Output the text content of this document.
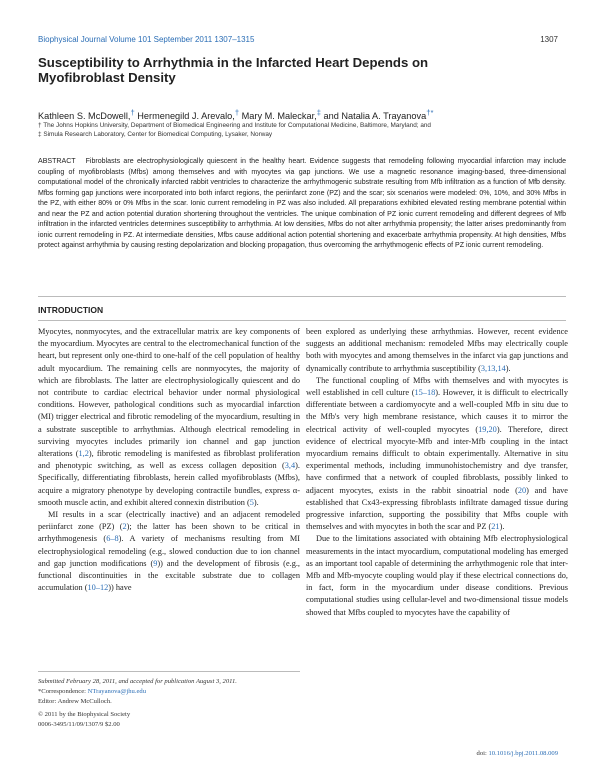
Biophysical Journal Volume 101 September 2011 1307–1315	1307
Susceptibility to Arrhythmia in the Infarcted Heart Depends on Myofibroblast Density
Kathleen S. McDowell,† Hermenegild J. Arevalo,† Mary M. Maleckar,‡ and Natalia A. Trayanova†*
† The Johns Hopkins University, Department of Biomedical Engineering and Institute for Computational Medicine, Baltimore, Maryland; and
‡ Simula Research Laboratory, Center for Biomedical Computing, Lysaker, Norway

ABSTRACT Fibroblasts are electrophysiologically quiescent in the healthy heart. Evidence suggests that remodeling following myocardial infarction may include coupling of myofibroblasts (Mfbs) among themselves and with myocytes via gap junctions. We use a magnetic resonance imaging-based, three-dimensional computational model of the chronically infarcted rabbit ventricles to characterize the arrhythmogenic substrate resulting from Mfb infiltration as a function of Mfb density. Mfbs forming gap junctions were incorporated into both infarct regions, the periinfarct zone (PZ) and the scar; six scenarios were modeled: 0%, 10%, and 30% Mfbs in the PZ, with either 80% or 0% Mfbs in the scar. Ionic current remodeling in PZ was also included. All preparations exhibited elevated resting membrane potential within and near the PZ and action potential duration shortening throughout the ventricles. The unique combination of PZ ionic current remodeling and different degrees of Mfb infiltration in the infarcted ventricles determines susceptibility to arrhythmia. At low densities, Mfbs do not alter arrhythmia propensity; the latter arises predominantly from ionic current remodeling in PZ. At intermediate densities, Mfbs cause additional action potential shortening and exacerbate arrhythmia propensity. At high densities, Mfbs protect against arrhythmia by causing resting depolarization and blocking propagation, thus overcoming the arrhythmogenic effects of PZ ionic current remodeling.

INTRODUCTION

Myocytes, nonmyocytes, and the extracellular matrix are key components of the myocardium. Myocytes are central to the electromechanical function of the heart, but represent only one-third to one-half of the cell population of healthy adult myocardium. The remaining cells are nonmyocytes, the majority of which are fibroblasts. The latter are electrophysiologically quiescent and do not contribute to cardiac electrical behavior under normal physiological conditions. However, pathological conditions such as myocardial infarction (MI) trigger electrical and fibrotic remodeling of the myocardium, resulting in a substrate susceptible to arrhythmias. Although electrical remodeling in surviving myocytes includes primarily ion channel and gap junction alterations (1,2), fibrotic remodeling is manifested as fibroblast proliferation and phenotypic switching, as well as excess collagen deposition (3,4). Specifically, differentiating fibroblasts, herein called myofibroblasts (Mfbs), acquire a migratory phenotype by developing contractile bundles, express α-smooth muscle actin, and exhibit altered connexin distribution (5).

MI results in a scar (electrically inactive) and an adjacent remodeled periinfarct zone (PZ) (2); the latter has been shown to be critical in arrhythmogenesis (6–8). A variety of mechanisms resulting from MI electrophysiological remodeling (e.g., slowed conduction due to ion channel and gap junction modifications (9)) and the development of fibrosis (e.g., functional discontinuities in the excitable substrate due to collagen accumulation (10–12)) have

been explored as underlying these arrhythmias. However, recent evidence suggests an additional mechanism: remodeled Mfbs may electrically couple both with myocytes and among themselves in the infarct via gap junctions and dynamically contribute to arrhythmia susceptibility (3,13,14).

The functional coupling of Mfbs with themselves and with myocytes is well established in cell culture (15–18). However, it is difficult to electrically differentiate between a cardiomyocyte and a well-coupled Mfb in situ due to the Mfb's very high membrane resistance, which causes it to mirror the electrical activity of well-coupled myocytes (19,20). Therefore, direct evidence of electrical myocyte-Mfb and inter-Mfb coupling in the intact myocardium remains difficult to obtain experimentally. Alternative in situ experimental methods, including immunohistochemistry and dye transfer, have confirmed that a network of coupled fibroblasts, possibly linked to adjacent myocytes, exists in the rabbit sinoatrial node (20) and have established that Cx43-expressing fibroblasts infiltrate damaged tissue during progressive infarction, supporting the possibility that Mfbs couple with themselves and with myocytes in both the scar and PZ (21).

Due to the limitations associated with obtaining Mfb electrophysiological measurements in the intact myocardium, computational modeling has emerged as an important tool capable of determining the arrhythmogenic role that inter-Mfb and Mfb-myocyte coupling would play if these electrical connections do, in fact, form in the myocardium under disease conditions. Previous computational studies using cellular-level and two-dimensional tissue models showed that Mfbs coupled to myocytes have the capability of

Submitted February 28, 2011, and accepted for publication August 3, 2011.
*Correspondence: NTrayanova@jhu.edu
Editor: Andrew McCulloch.
© 2011 by the Biophysical Society
0006-3495/11/09/1307/9 $2.00
doi: 10.1016/j.bpj.2011.08.009
